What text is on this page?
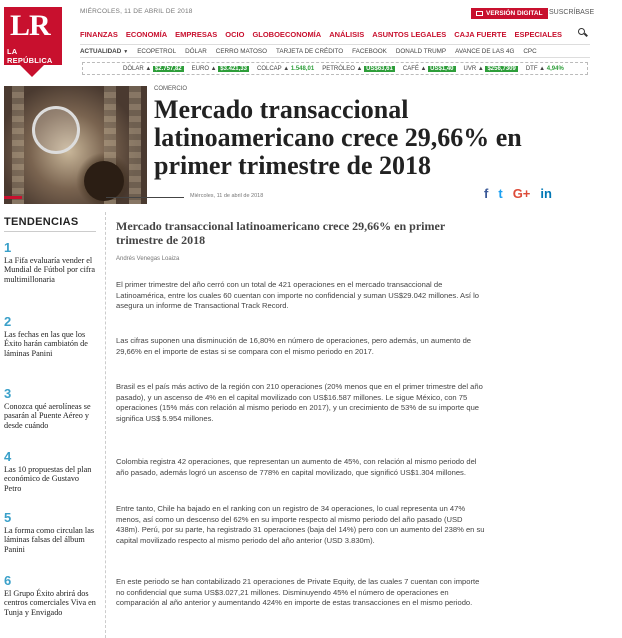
LR
LA REPÚBLICA
MIÉRCOLES, 11 DE ABRIL DE 2018	VERSIÓN DIGITAL SUSCRÍBASE
FINANZAS ECONOMÍA EMPRESAS OCIO GLOBOECONOMÍA ANÁLISIS ASUNTOS LEGALES CAJA FUERTE ESPECIALES
ACTUALIDAD ▼ ECOPETROL DÓLAR CERRO MATOSO TARJETA DE CRÉDITO FACEBOOK DONALD TRUMP AVANCE DE LAS 4G CPC
DÓLAR ▲ $2.757,82	EURO ▲ $3.421,33	COLCAP ▲ 1.548,01 PETRÓLEO ▲ US$63,61	CAFÉ ▲ US$1,40	UVR ▲ $256,7309	DTF ▲ 4,94%
COMERCIO
Mercado transaccional latinoamericano crece 29,66% en primer trimestre de 2018
Miércoles, 11 de abril de 2018	f t G+ in
TENDENCIAS
1
La Fifa evaluaría vender el Mundial de Fútbol por cifra multimillonaria
2
Las fechas en las que los Éxito harán cambiatón de láminas Panini
3
Conozca qué aerolíneas se pasarán al Puente Aéreo y desde cuándo
4
Las 10 propuestas del plan económico de Gustavo Petro
5
La forma como circulan las láminas falsas del álbum Panini
6
El Grupo Éxito abrirá dos centros comerciales Viva en Tunja y Envigado
Mercado transaccional latinoamericano crece 29,66% en primer trimestre de 2018
Andrés Venegas Loaiza

El primer trimestre del año cerró con un total de 421 operaciones en el mercado transaccional de Latinoamérica, entre los cuales 60 cuentan con importe no confidencial y suman US$29.042 millones. Así lo asegura un informe de Transactional Track Record.

Las cifras suponen una disminución de 16,80% en número de operaciones, pero además, un aumento de 29,66% en el importe de estas si se compara con el mismo periodo en 2017.

Brasil es el país más activo de la región con 210 operaciones (20% menos que en el primer trimestre del año pasado), y un ascenso de 4% en el capital movilizado con US$16.587 millones. Le sigue México, con 75 operaciones (15% más con relación al mismo periodo en 2017), y un crecimiento de 53% de su importe que significa US$ 5.954 millones.

Colombia registra 42 operaciones, que representan un aumento de 45%, con relación al mismo periodo del año pasado, además logró un ascenso de 778% en capital movilizado, que significó US$1.304 millones.

Entre tanto, Chile ha bajado en el ranking con un registro de 34 operaciones, lo cual representa un 47% menos, así como un descenso del 62% en su importe respecto al mismo periodo del año pasado (USD 438m). Perú, por su parte, ha registrado 31 operaciones (baja del 14%) pero con un aumento del 238% en su capital movilizado respecto al mismo periodo del año anterior (USD 3.830m).

En este periodo se han contabilizado 21 operaciones de Private Equity, de las cuales 7 cuentan con importe no confidencial que suma US$3.027,21 millones. Disminuyendo 45% el número de operaciones en comparación al año anterior y aumentando 424% en importe de estas transacciones en el mismo periodo.
